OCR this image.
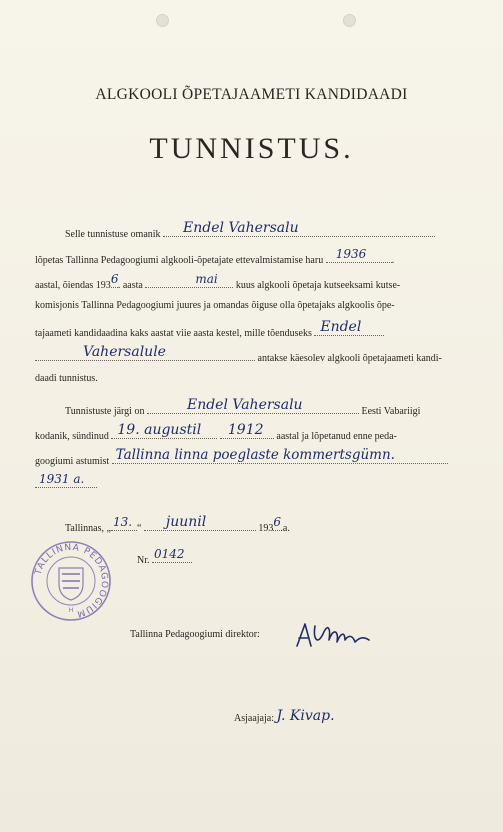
ALGKOOLI ÕPETAJAAMETI KANDIDAADI
TUNNISTUS.
Selle tunnistuse omanik Endel Vahersalu
lõpetas Tallinna Pedagoogiumi algkooli-õpetajate ettevalmistamise haru 1936	.
aastal, õiendas 193 6 . aasta	mai kuus algkooli õpetaja kutseeksami kutse-
komisjonis Tallinna Pedagoogiumi juures ja omandas õiguse olla õpetajaks algkoolis õpe-
tajaameti kandidaadina kaks aastat viie aasta kestel, mille tõenduseks Endel
Vahersalule	antakse käesolev algkooli õpetajaameti kandi-
daadi tunnistus.
Tunnistuste järgi on	Endel Vahersalu	Eesti Vabariigi
kodanik, sündinud 19. augustil
1912 aastal ja lõpetanud enne peda-
googiumi astumist Tallinna linna poeglaste kommertsgümn.
1931 a.
Tallinnas, „ 13. “ juunil	193 6 .a.
Nr. 0142
TALLINNA PEDAGOOGIUM
H
Tallinna Pedagoogiumi direktor:
Asjaajaja: J. Kivap.
